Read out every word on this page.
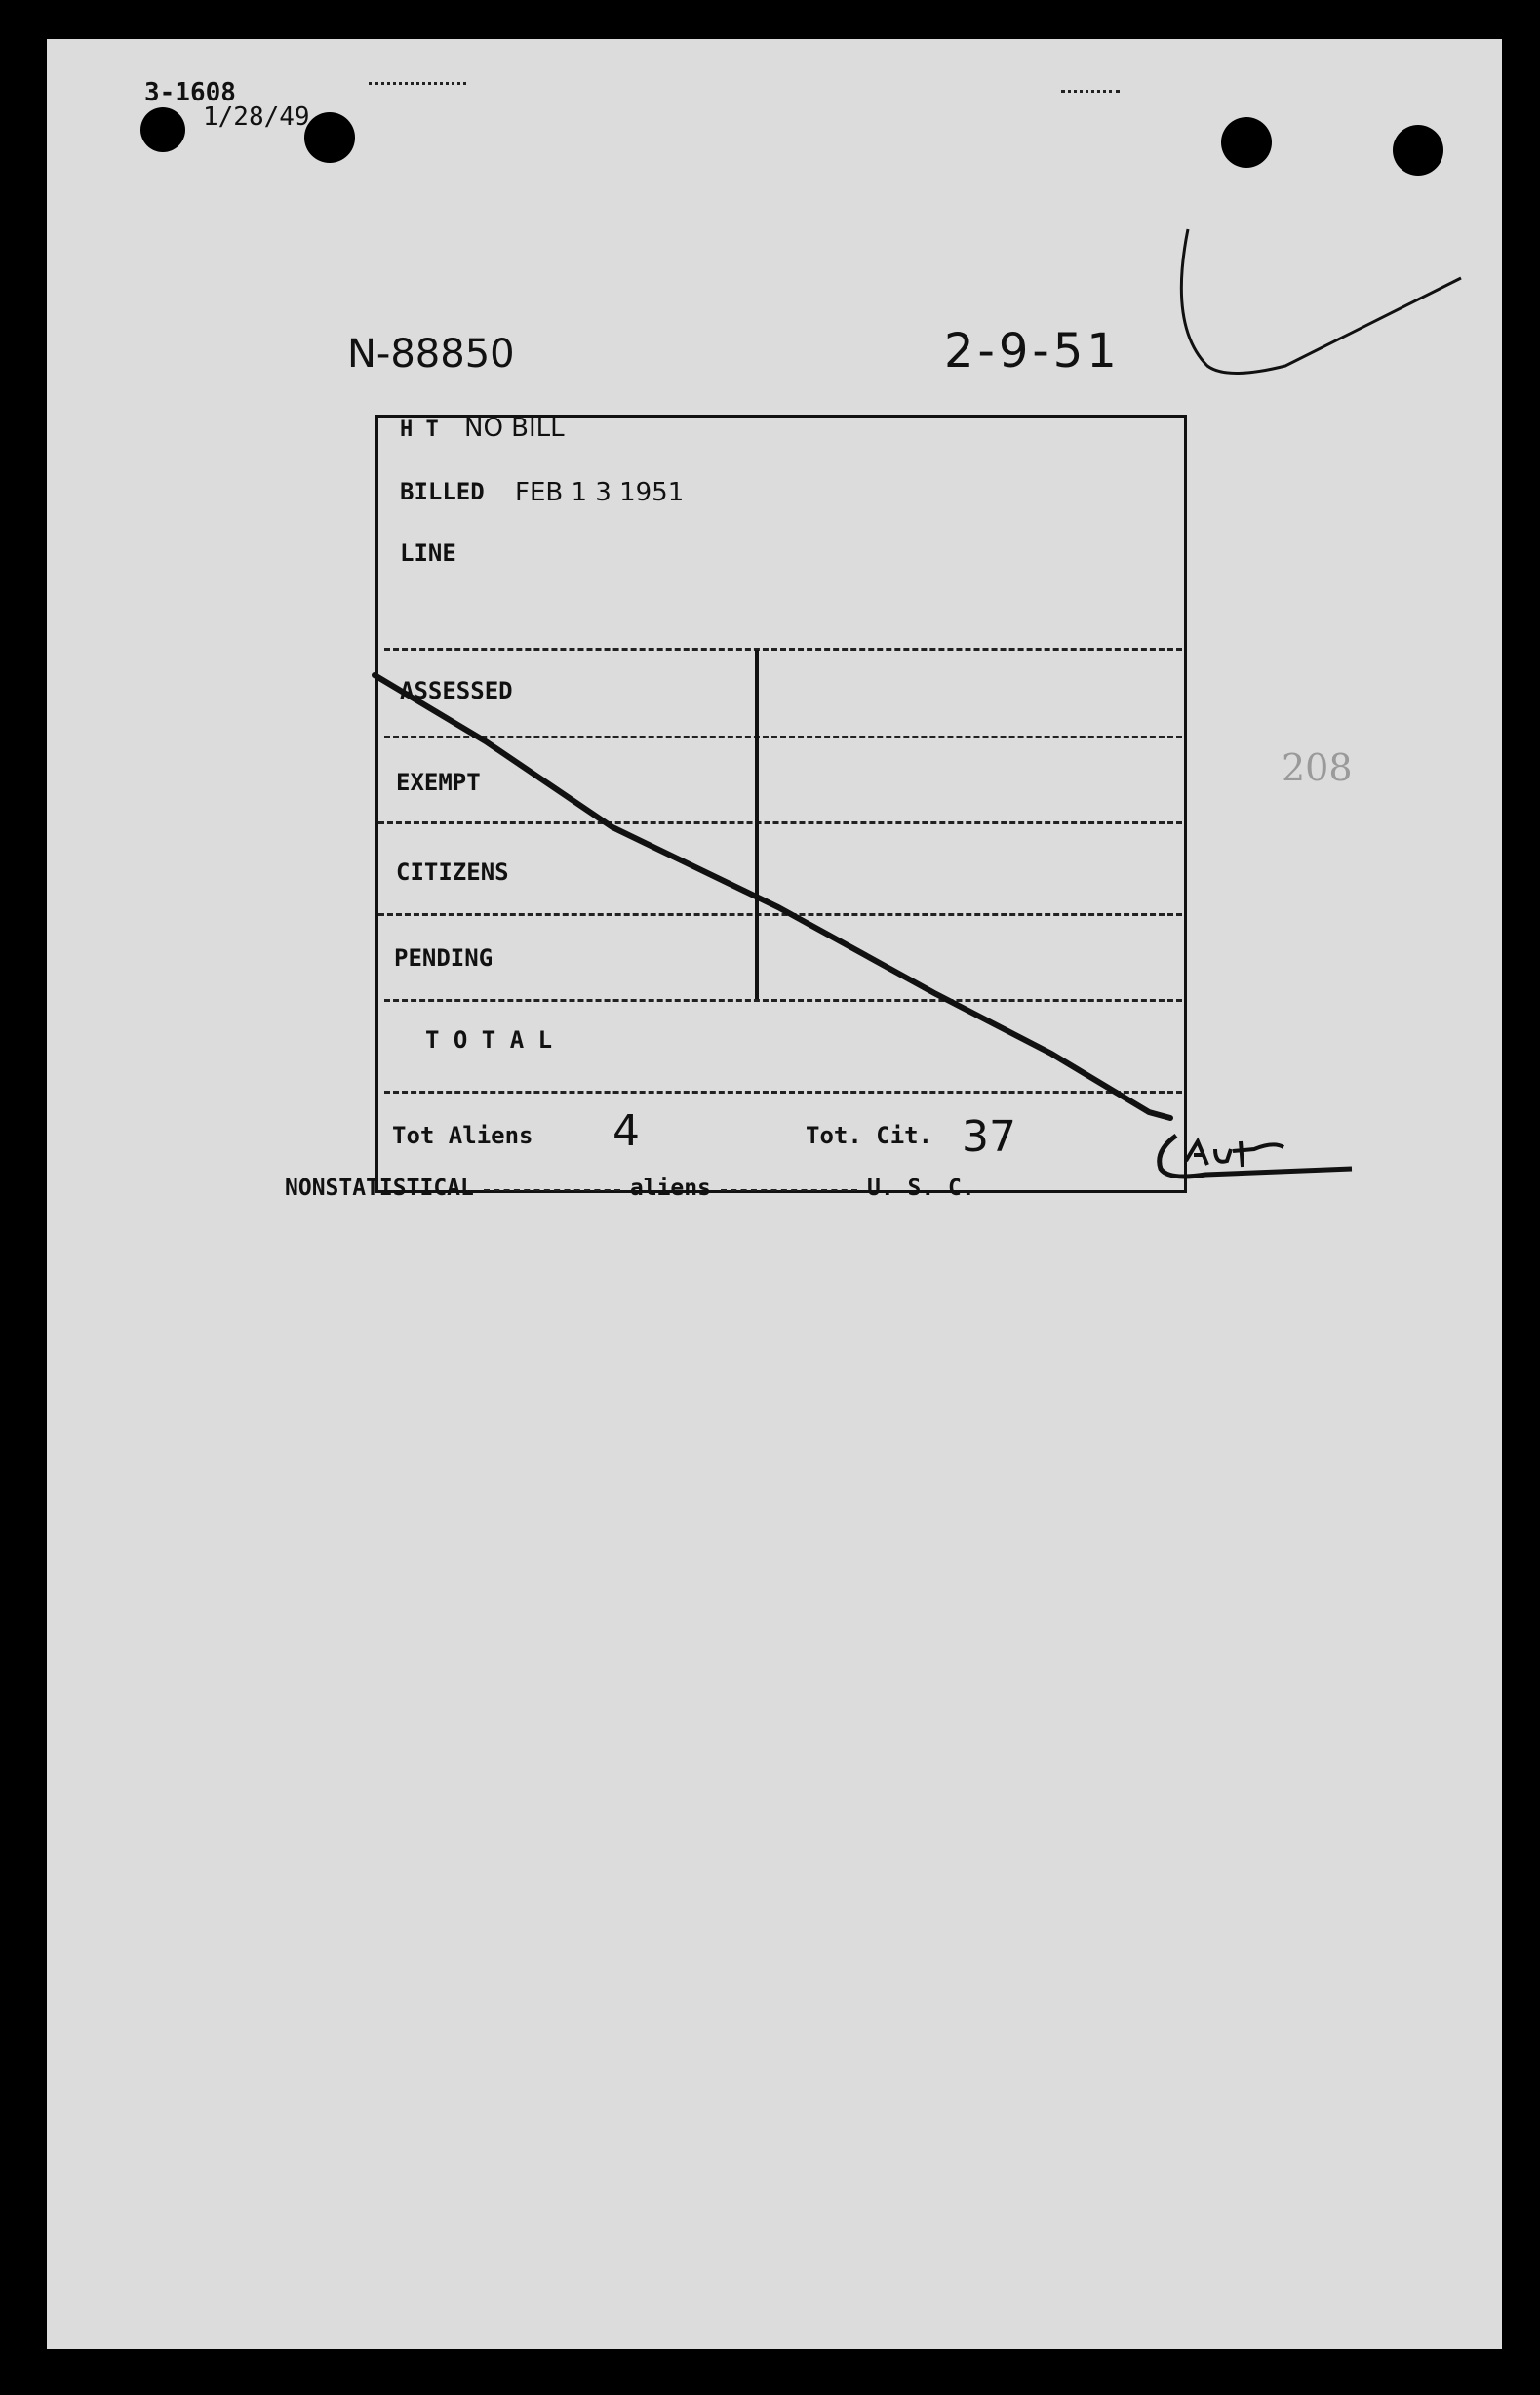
3-1608
1/28/49
N-88850	2-9-51
H T NO BILL
BILLED FEB 1 3 1951
LINE
ASSESSED
EXEMPT
CITIZENS
PENDING
T O T A L
Tot Aliens 4	Tot. Cit. 37
208
NONSTATISTICAL	aliens	U. S. C.
